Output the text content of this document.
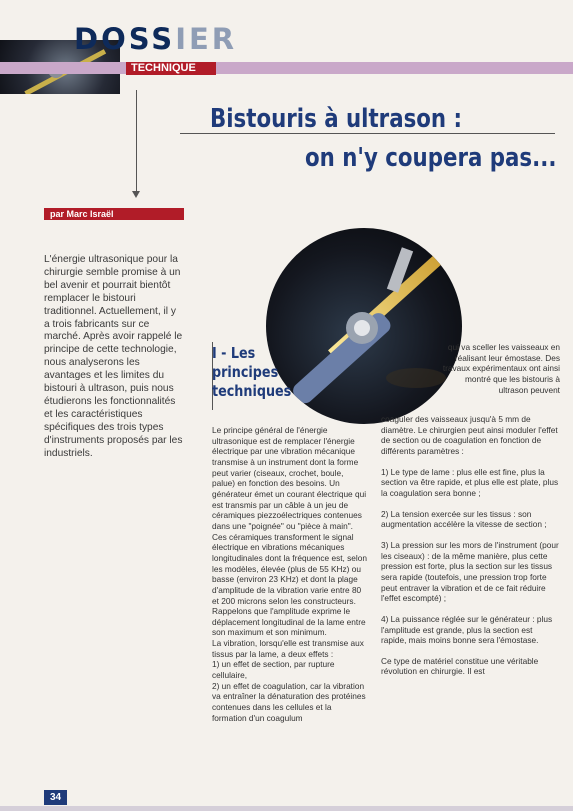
DOSSIER
TECHNIQUE
Bistouris à ultrason :
on n'y coupera pas...
par Marc Israël

L'énergie ultrasonique pour la chirurgie semble promise à un bel avenir et pourrait bientôt remplacer le bistouri traditionnel. Actuellement, il y a trois fabricants sur ce marché. Après avoir rappelé le principe de cette technologie, nous analyserons les avantages et les limites du bistouri à ultrason, puis nous étudierons les fonctionnalités et les caractéristiques spécifiques des trois types d'instruments proposés par les industriels.

I - Les
principes
techniques

qui va sceller les vaisseaux en réalisant leur émostase. Des travaux expérimentaux ont ainsi montré que les bistouris à ultrason peuvent

Le principe général de l'énergie ultrasonique est de remplacer l'énergie électrique par une vibration mécanique transmise à un instrument dont la forme peut varier (ciseaux, crochet, boule, palue) en fonction des besoins. Un générateur émet un courant électrique qui est transmis par un câble à un jeu de céramiques piezzoélectriques contenues dans une "poignée" ou "pièce à main". Ces céramiques transforment le signal électrique en vibrations mécaniques longitudinales dont la fréquence est, selon les modèles, élevée (plus de 55 KHz) ou basse (environ 23 KHz) et dont la plage d'amplitude de la vibration varie entre 80 et 200 microns selon les constructeurs. Rappelons que l'amplitude exprime le déplacement longitudinal de la lame entre son maximum et son minimum.

La vibration, lorsqu'elle est transmise aux tissus par la lame, a deux effets :

1) un effet de section, par rupture cellulaire,

2) un effet de coagulation, car la vibration va entraîner la dénaturation des protéines contenues dans les cellules et la formation d'un coagulum

coaguler des vaisseaux jusqu'à 5 mm de diamètre. Le chirurgien peut ainsi moduler l'effet de section ou de coagulation en fonction de différents paramètres :

1) Le type de lame : plus elle est fine, plus la section va être rapide, et plus elle est plate, plus la coagulation sera bonne ;

2) La tension exercée sur les tissus : son augmentation accélère la vitesse de section ;

3) La pression sur les mors de l'instrument (pour les ciseaux) : de la même manière, plus cette pression est forte, plus la section sur les tissus sera rapide (toutefois, une pression trop forte peut entraver la vibration et de ce fait réduire l'effet escompté) ;

4) La puissance réglée sur le générateur : plus l'amplitude est grande, plus la section est rapide, mais moins bonne sera l'émostase.

Ce type de matériel constitue une véritable révolution en chirurgie. Il est

34
